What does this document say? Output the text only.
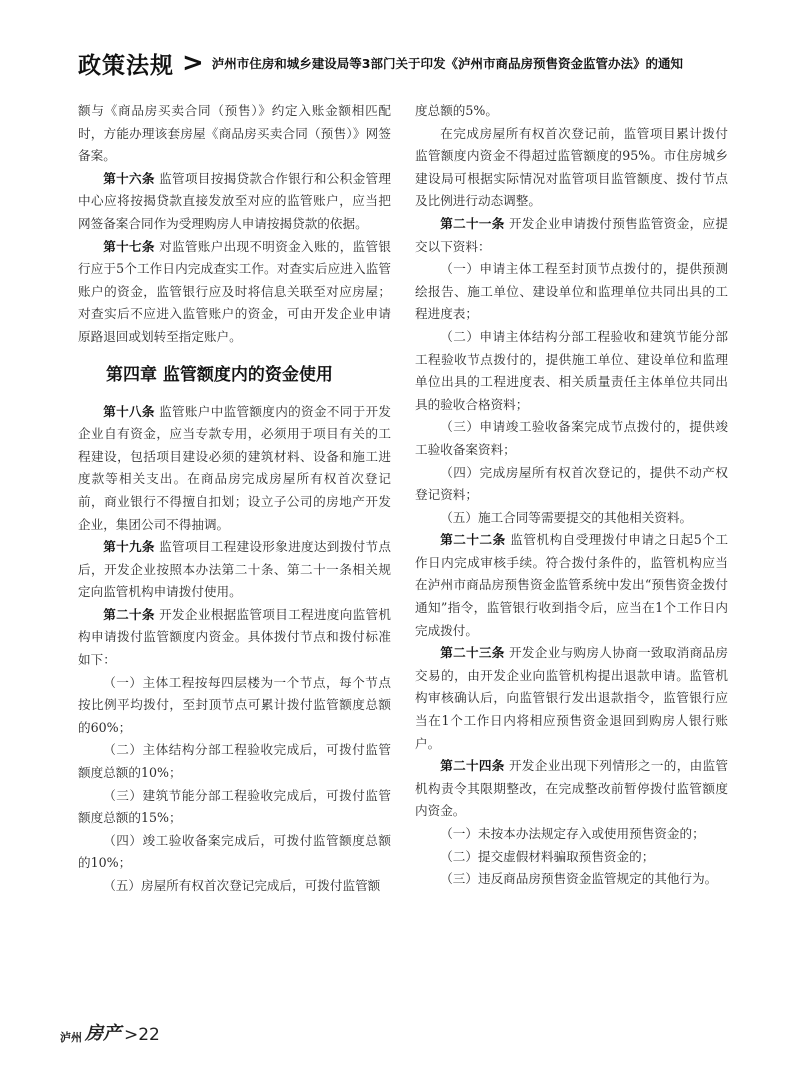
政策法规 > 泸州市住房和城乡建设局等3部门关于印发《泸州市商品房预售资金监管办法》的通知

额与《商品房买卖合同（预售）》约定入账金额相匹配时，方能办理该套房屋《商品房买卖合同（预售）》网签备案。

第十六条 监管项目按揭贷款合作银行和公积金管理中心应将按揭贷款直接发放至对应的监管账户，应当把网签备案合同作为受理购房人申请按揭贷款的依据。

第十七条 对监管账户出现不明资金入账的，监管银行应于5个工作日内完成查实工作。对查实后应进入监管账户的资金，监管银行应及时将信息关联至对应房屋；对查实后不应进入监管账户的资金，可由开发企业申请原路退回或划转至指定账户。

第四章 监管额度内的资金使用

第十八条 监管账户中监管额度内的资金不同于开发企业自有资金，应当专款专用，必须用于项目有关的工程建设，包括项目建设必须的建筑材料、设备和施工进度款等相关支出。在商品房完成房屋所有权首次登记前，商业银行不得擅自扣划；设立子公司的房地产开发企业，集团公司不得抽调。

第十九条 监管项目工程建设形象进度达到拨付节点后，开发企业按照本办法第二十条、第二十一条相关规定向监管机构申请拨付使用。

第二十条 开发企业根据监管项目工程进度向监管机构申请拨付监管额度内资金。具体拨付节点和拨付标准如下：

（一）主体工程按每四层楼为一个节点，每个节点按比例平均拨付，至封顶节点可累计拨付监管额度总额的60%；

（二）主体结构分部工程验收完成后，可拨付监管额度总额的10%；

（三）建筑节能分部工程验收完成后，可拨付监管额度总额的15%；

（四）竣工验收备案完成后，可拨付监管额度总额的10%；

（五）房屋所有权首次登记完成后，可拨付监管额

度总额的5%。

在完成房屋所有权首次登记前，监管项目累计拨付监管额度内资金不得超过监管额度的95%。市住房城乡建设局可根据实际情况对监管项目监管额度、拨付节点及比例进行动态调整。

第二十一条 开发企业申请拨付预售监管资金，应提交以下资料：

（一）申请主体工程至封顶节点拨付的，提供预测绘报告、施工单位、建设单位和监理单位共同出具的工程进度表；

（二）申请主体结构分部工程验收和建筑节能分部工程验收节点拨付的，提供施工单位、建设单位和监理单位出具的工程进度表、相关质量责任主体单位共同出具的验收合格资料；

（三）申请竣工验收备案完成节点拨付的，提供竣工验收备案资料；

（四）完成房屋所有权首次登记的，提供不动产权登记资料；

（五）施工合同等需要提交的其他相关资料。

第二十二条 监管机构自受理拨付申请之日起5个工作日内完成审核手续。符合拨付条件的，监管机构应当在泸州市商品房预售资金监管系统中发出“预售资金拨付通知”指令，监管银行收到指令后，应当在1个工作日内完成拨付。

第二十三条 开发企业与购房人协商一致取消商品房交易的，由开发企业向监管机构提出退款申请。监管机构审核确认后，向监管银行发出退款指令，监管银行应当在1个工作日内将相应预售资金退回到购房人银行账户。

第二十四条 开发企业出现下列情形之一的，由监管机构责令其限期整改，在完成整改前暂停拨付监管额度内资金。

（一）未按本办法规定存入或使用预售资金的；

（二）提交虚假材料骗取预售资金的；

（三）违反商品房预售资金监管规定的其他行为。

泸州 房产 >22
